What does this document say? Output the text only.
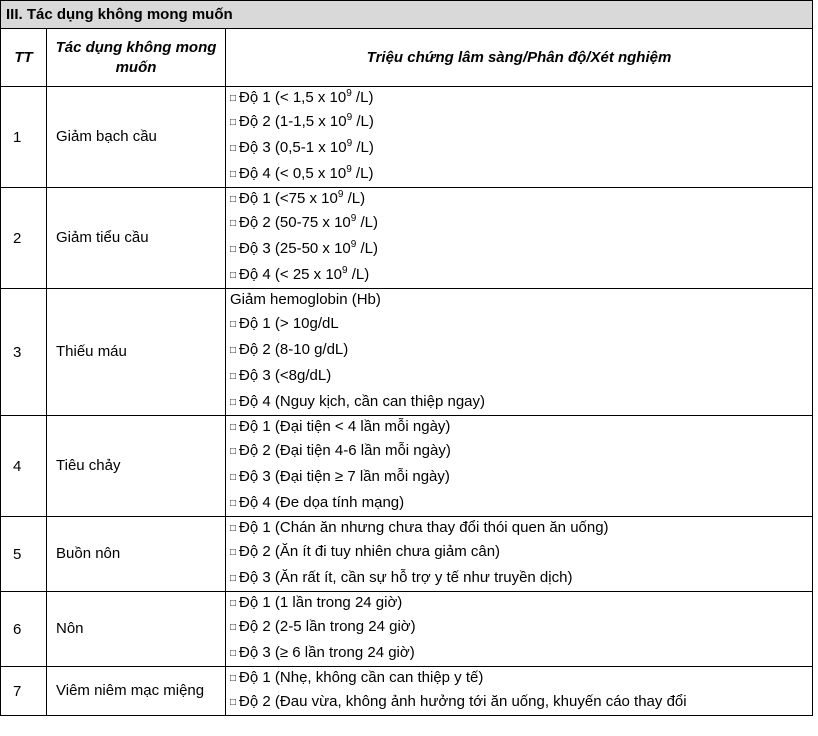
III. Tác dụng không mong muốn		
TT	Tác dụng không mong muốn	Triệu chứng lâm sàng/Phân độ/Xét nghiệm
1	Giảm bạch cầu	□ Độ 1 (< 1,5 x $10^9$ /L)
□ Độ 2 (1-1,5 x $10^9$ /L)
□ Độ 3 (0,5-1 x $10^9$ /L)
□ Độ 4 (< 0,5 x $10^9$ /L)

2	Giảm tiểu cầu	□ Độ 1 (<75 x $10^9$ /L)
□ Độ 2 (50-75 x $10^9$ /L)
□ Độ 3 (25-50 x $10^9$ /L)
□ Độ 4 (< 25 x $10^9$ /L)

3	Thiếu máu	Giảm hemoglobin (Hb)
□ Độ 1 (> 10g/dL
□ Độ 2 (8-10 g/dL)
□ Độ 3 (<8g/dL)
□ Độ 4 (Nguy kịch, cần can thiệp ngay)

4	Tiêu chảy	□ Độ 1 (Đại tiện < 4 lần mỗi ngày)
□ Độ 2 (Đại tiện 4-6 lần mỗi ngày)
□ Độ 3 (Đại tiện ≥ 7 lần mỗi ngày)
□ Độ 4 (Đe dọa tính mạng)

5	Buồn nôn	□ Độ 1 (Chán ăn nhưng chưa thay đổi thói quen ăn uống)
□ Độ 2 (Ăn ít đi tuy nhiên chưa giảm cân)
□ Độ 3 (Ăn rất ít, cần sự hỗ trợ y tế như truyền dịch)

6	Nôn	□ Độ 1 (1 lần trong 24 giờ)
□ Độ 2 (2-5 lần trong 24 giờ)
□ Độ 3 (≥ 6 lần trong 24 giờ)

7	Viêm niêm mạc miệng	□ Độ 1 (Nhẹ, không cần can thiệp y tế)
□ Độ 2 (Đau vừa, không ảnh hưởng tới ăn uống, khuyến cáo thay đổi
